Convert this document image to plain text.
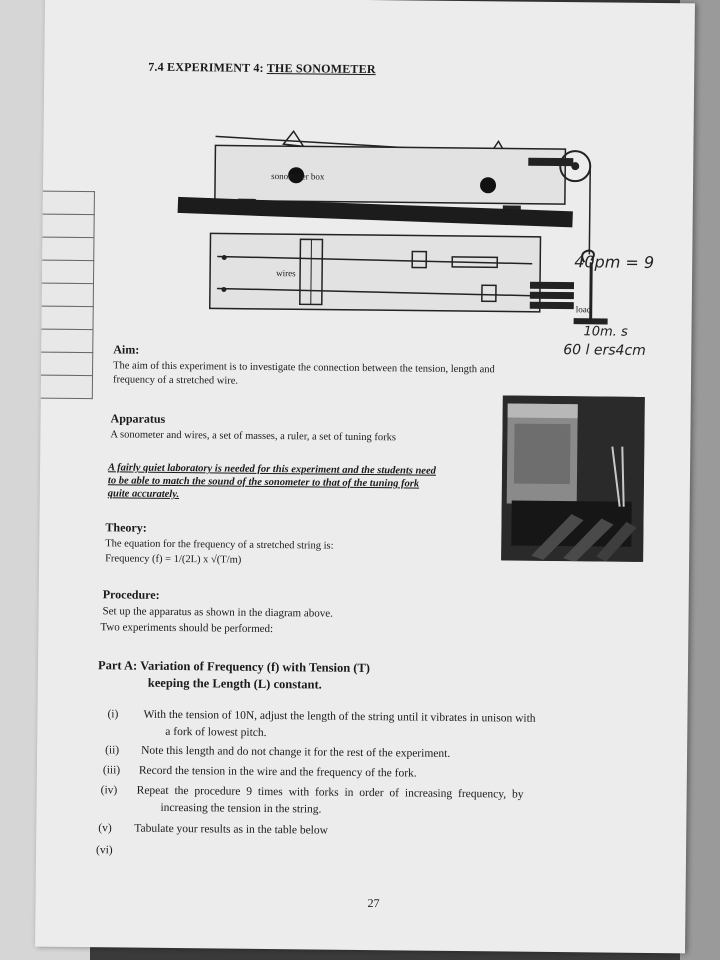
7.4 EXPERIMENT 4: THE SONOMETER
sonometer box
wires
load
40pm = 9
10m. s
60 l ers4cm
Aim:
The aim of this experiment is to investigate the connection between the tension, length and
frequency of a stretched wire.
Apparatus
A sonometer and wires, a set of masses, a ruler, a set of tuning forks
A fairly quiet laboratory is needed for this experiment and the students need
to be able to match the sound of the sonometer to that of the tuning fork
quite accurately.
Theory:
The equation for the frequency of a stretched string is:
Frequency (f) = 1/(2L) x √(T/m)
Procedure:
Set up the apparatus as shown in the diagram above.
Two experiments should be performed:
Part A: Variation of Frequency (f) with Tension (T)
keeping the Length (L) constant.
(i) With the tension of 10N, adjust the length of the string until it vibrates in unison with
a fork of lowest pitch.
(ii) Note this length and do not change it for the rest of the experiment.
(iii) Record the tension in the wire and the frequency of the fork.
(iv) Repeat the procedure 9 times with forks in order of increasing frequency, by
increasing the tension in the string.
(v) Tabulate your results as in the table below
(vi)
27
